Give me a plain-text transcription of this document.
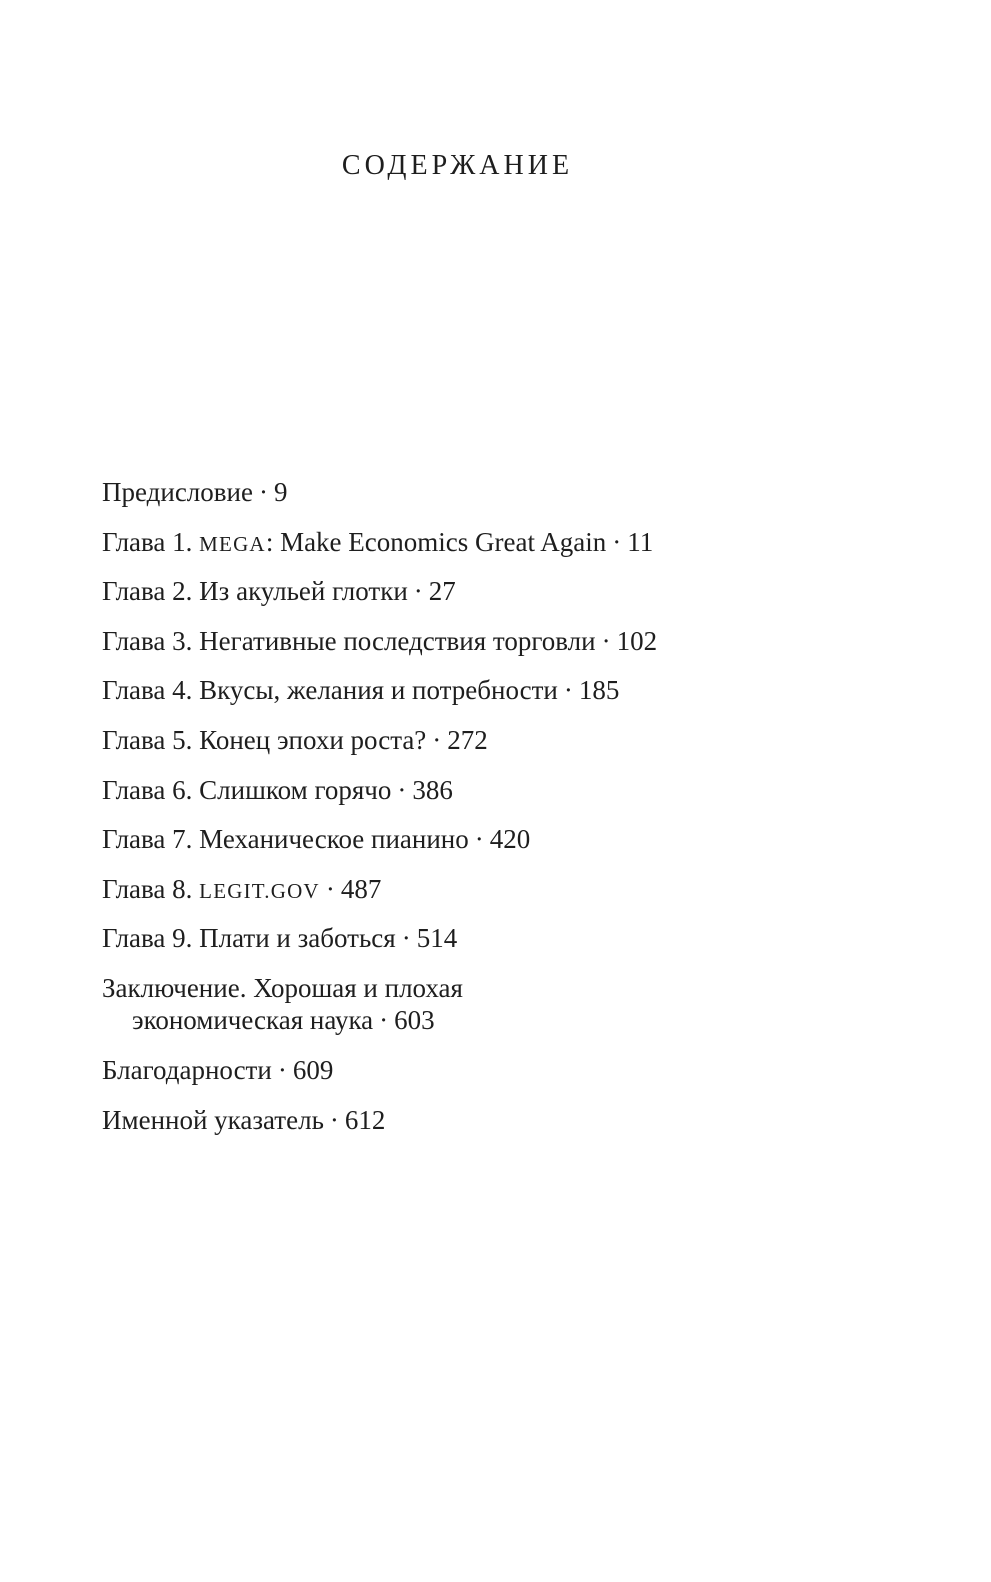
СОДЕРЖАНИЕ
Предисловие · 9
Глава 1. MEGA: Make Economics Great Again · 11
Глава 2. Из акульей глотки · 27
Глава 3. Негативные последствия торговли · 102
Глава 4. Вкусы, желания и потребности · 185
Глава 5. Конец эпохи роста? · 272
Глава 6. Слишком горячо · 386
Глава 7. Механическое пианино · 420
Глава 8. LEGIT.GOV · 487
Глава 9. Плати и заботься · 514
Заключение. Хорошая и плохая
экономическая наука · 603
Благодарности · 609
Именной указатель · 612
